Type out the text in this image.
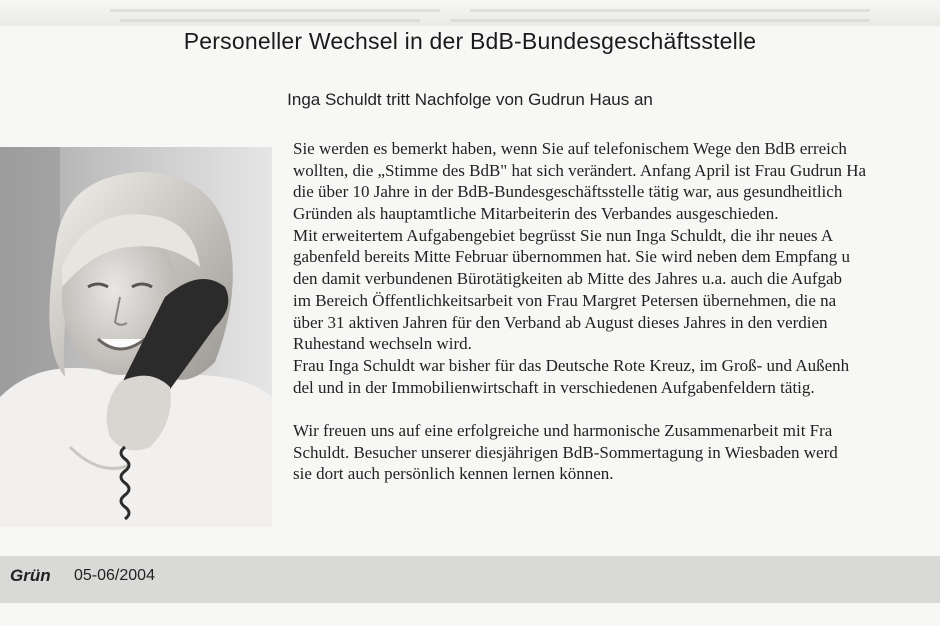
Personeller Wechsel in der BdB-Bundesgeschäftsstelle
Inga Schuldt tritt Nachfolge von Gudrun Haus an
Sie werden es bemerkt haben, wenn Sie auf telefonischem Wege den BdB erreich
wollten, die „Stimme des BdB" hat sich verändert. Anfang April ist Frau Gudrun Ha
die über 10 Jahre in der BdB-Bundesgeschäftsstelle tätig war, aus gesundheitlich
Gründen als hauptamtliche Mitarbeiterin des Verbandes ausgeschieden.
Mit erweitertem Aufgabengebiet begrüsst Sie nun Inga Schuldt, die ihr neues A
gabenfeld bereits Mitte Februar übernommen hat. Sie wird neben dem Empfang u
den damit verbundenen Bürotätigkeiten ab Mitte des Jahres u.a. auch die Aufgab
im Bereich Öffentlichkeitsarbeit von Frau Margret Petersen übernehmen, die na
über 31 aktiven Jahren für den Verband ab August dieses Jahres in den verdien
Ruhestand wechseln wird.
Frau Inga Schuldt war bisher für das Deutsche Rote Kreuz, im Groß- und Außenh
del und in der Immobilienwirtschaft in verschiedenen Aufgabenfeldern tätig.
Wir freuen uns auf eine erfolgreiche und harmonische Zusammenarbeit mit Fra
Schuldt. Besucher unserer diesjährigen BdB-Sommertagung in Wiesbaden werd
sie dort auch persönlich kennen lernen können.
Grün 05-06/2004
